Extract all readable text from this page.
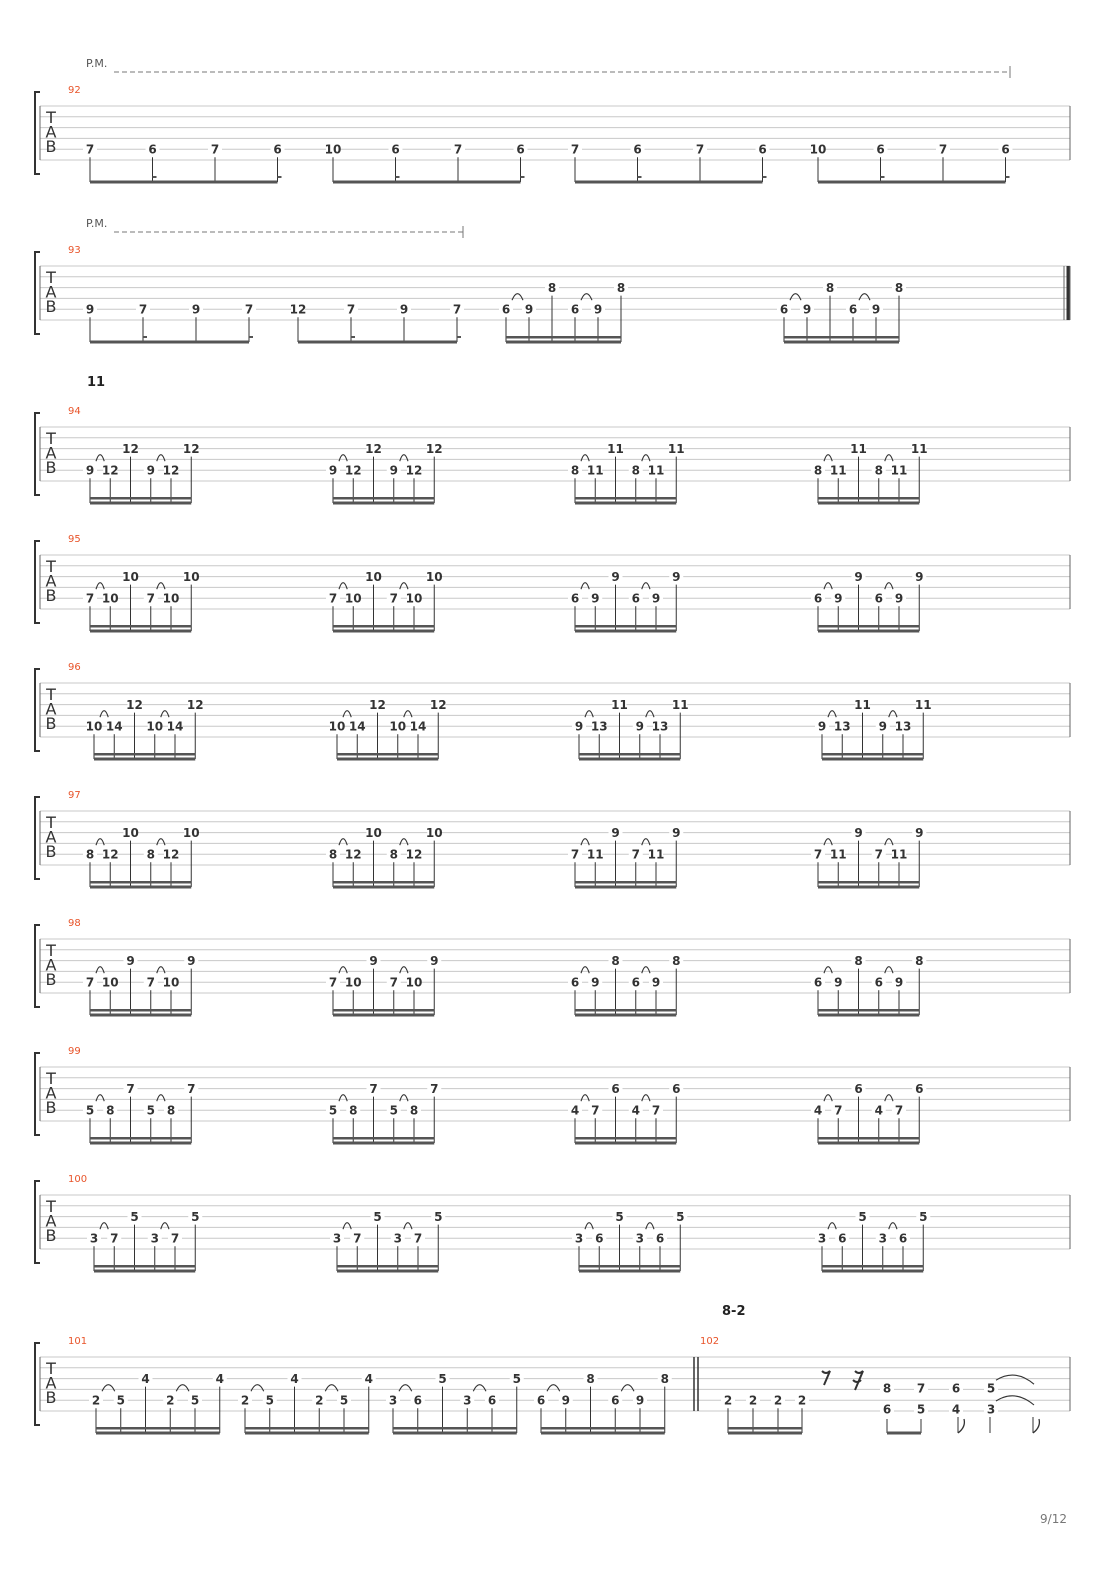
P.M.
T
A
B
92
7	6	7	6	10	6	7	6	7	6	7	6	10	6	7	6
P.M.
T
A
B
93
9	7	9	7	12	7	9	7	6 9
8
6 9
8
6 9
8
6 9
8
11
T
A
B
94
9 12
12
9 12
12
9 12
12
9 12
12
8 11
11
8 11
11
8 11
11
8 11
11
T
A
B
95
7 10
10
7 10
10
7 10
10
7 10
10
6 9
9
6 9
9
6 9
9
6 9
9
T
A
B
96
10 14
12
10 14
12
10 14
12
10 14
12
9 13
11
9 13
11
9 13
11
9 13
11
T
A
B
97
8 12
10
8 12
10
8 12
10
8 12
10
7 11
9
7 11
9
7 11
9
7 11
9
T
A
B
98
7 10
9
7 10
9
7 10
9
7 10
9
6 9
8
6 9
8
6 9
8
6 9
8
T
A
B
99
5 8
7
5 8
7
5 8
7
5 8
7
4 7
6
4 7
6
4 7
6
4 7
6
T
A
B
100
3 7
5
3 7
5
3 7
5
3 7
5
3 6
5
3 6
5
3 6
5
3 6
5
8-2
T
A
B
101	102
2 5
4
2 5
4
2 5
4
2 5
4
3 6
5
3 6
5
6 9
8
6 9
8
2 2 2 2
8
6
7
5
6
4
5
3
9/12
